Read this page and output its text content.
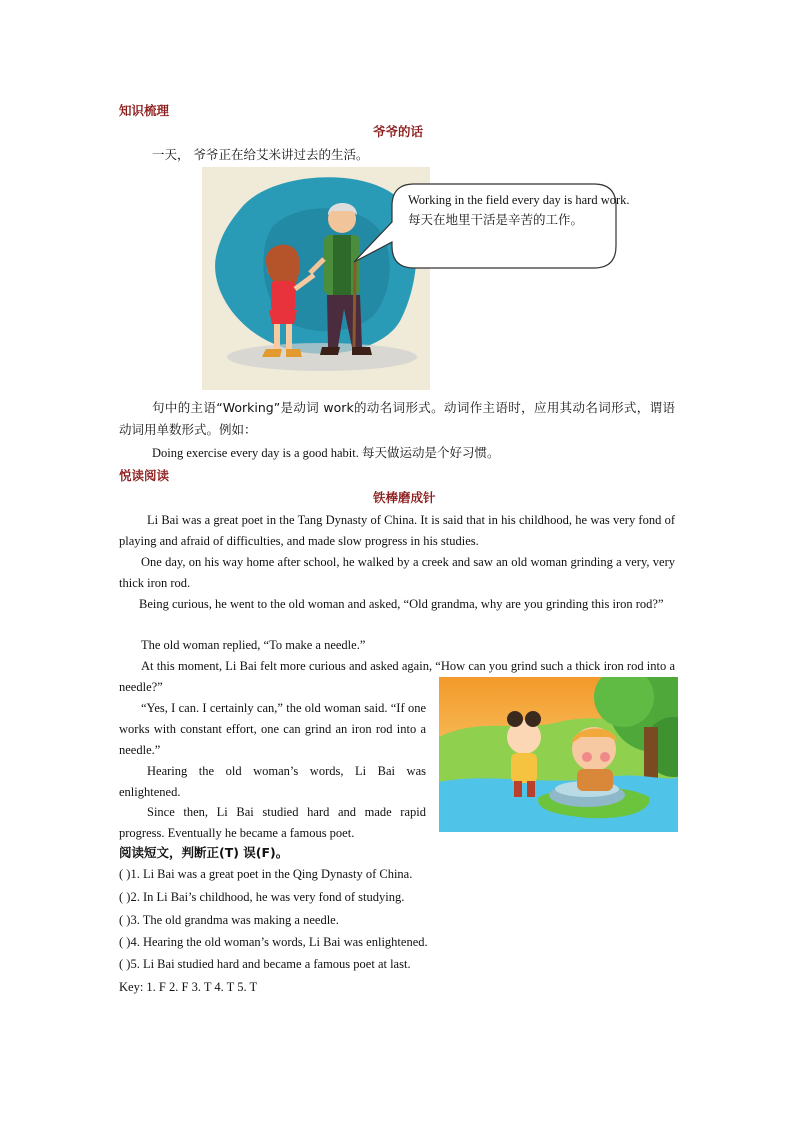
知识梳理
爷爷的话
一天， 爷爷正在给艾米讲过去的生活。
Working in the field every day is hard work.
每天在地里干活是辛苦的工作。
句中的主语“Working”是动词 work的动名词形式。动词作主语时，应用其动名词形式，谓语动词用单数形式。例如：
Doing exercise every day is a good habit. 每天做运动是个好习惯。
悦读阅读
铁棒磨成针
Li Bai was a great poet in the Tang Dynasty of China. It is said that in his childhood, he was very fond of playing and afraid of difficulties, and made slow progress in his studies.
One day, on his way home after school, he walked by a creek and saw an old woman grinding a very, very thick iron rod.
Being curious, he went to the old woman and asked, “Old grandma, why are you grinding this iron rod?”
The old woman replied, “To make a needle.”
At this moment, Li Bai felt more curious and asked again, “How can you grind such a thick iron rod into a needle?”
“Yes, I can. I certainly can,” the old woman said. “If one works with constant effort, one can grind an iron rod into a needle.”
Hearing the old woman’s words, Li Bai was enlightened.
Since then, Li Bai studied hard and made rapid progress. Eventually he became a famous poet.
阅读短文，判断正(T) 误(F)。
( )1. Li Bai was a great poet in the Qing Dynasty of China.
( )2. In Li Bai’s childhood, he was very fond of studying.
( )3. The old grandma was making a needle.
( )4. Hearing the old woman’s words, Li Bai was enlightened.
( )5. Li Bai studied hard and became a famous poet at last.
Key: 1. F 2. F 3. T 4. T 5. T
